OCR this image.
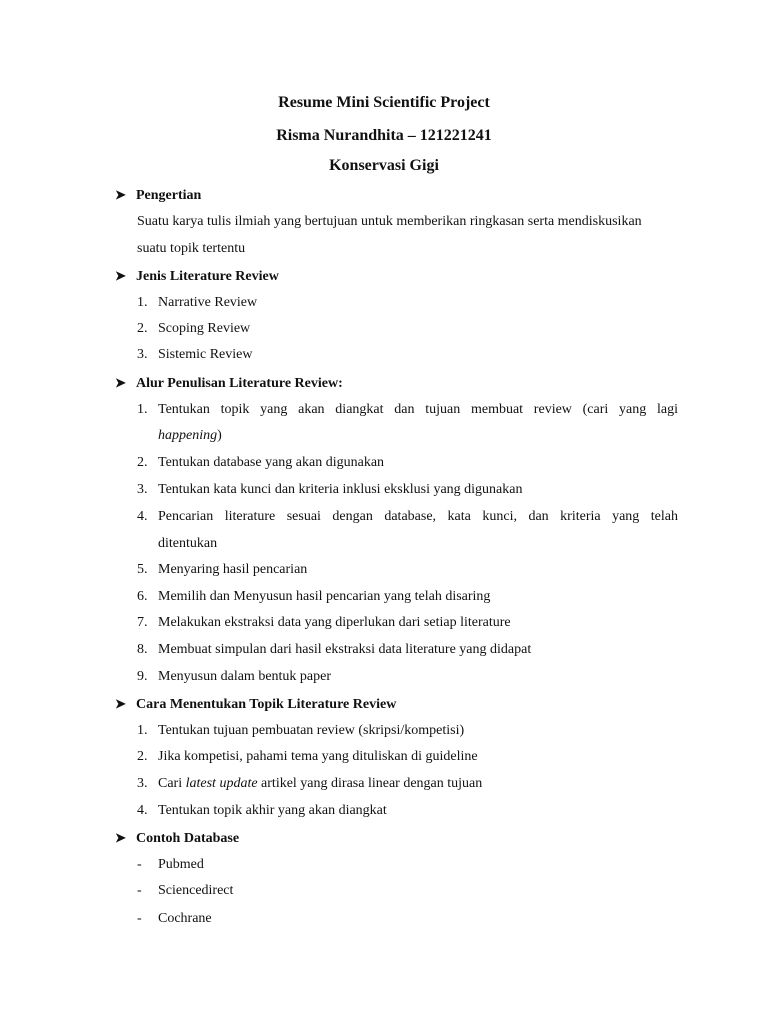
Resume Mini Scientific Project
Risma Nurandhita – 121221241
Konservasi Gigi
➤ Pengertian
Suatu karya tulis ilmiah yang bertujuan untuk memberikan ringkasan serta mendiskusikan
suatu topik tertentu
➤ Jenis Literature Review
1. Narrative Review
2. Scoping Review
3. Sistemic Review
➤ Alur Penulisan Literature Review:
1. Tentukan topik yang akan diangkat dan tujuan membuat review (cari yang lagi
happening)
2. Tentukan database yang akan digunakan
3. Tentukan kata kunci dan kriteria inklusi eksklusi yang digunakan
4. Pencarian literature sesuai dengan database, kata kunci, dan kriteria yang telah
ditentukan
5. Menyaring hasil pencarian
6. Memilih dan Menyusun hasil pencarian yang telah disaring
7. Melakukan ekstraksi data yang diperlukan dari setiap literature
8. Membuat simpulan dari hasil ekstraksi data literature yang didapat
9. Menyusun dalam bentuk paper
➤ Cara Menentukan Topik Literature Review
1. Tentukan tujuan pembuatan review (skripsi/kompetisi)
2. Jika kompetisi, pahami tema yang dituliskan di guideline
3. Cari latest update artikel yang dirasa linear dengan tujuan
4. Tentukan topik akhir yang akan diangkat
➤ Contoh Database
-	Pubmed
-	Sciencedirect
-	Cochrane
